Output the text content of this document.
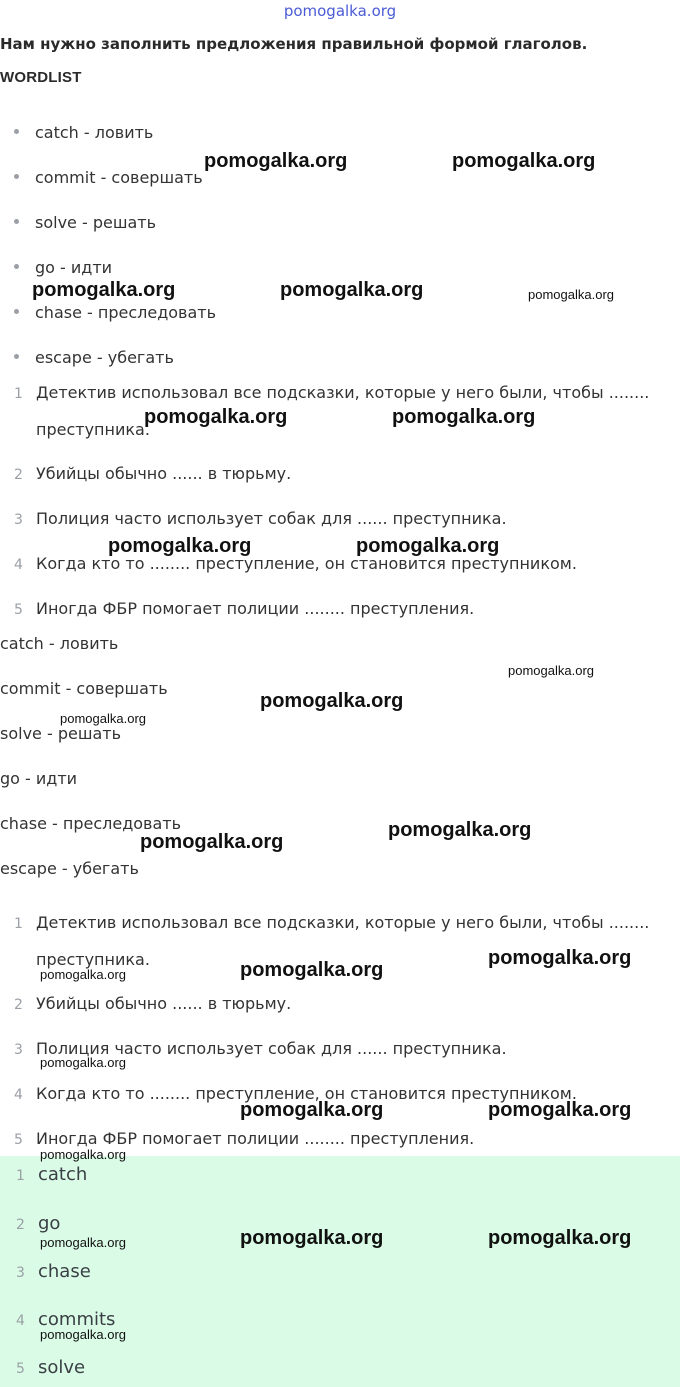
pomogalka.org
Нам нужно заполнить предложения правильной формой глаголов.
WORDLIST
catch - ловить
commit - совершать
solve - решать
go - идти
chase - преследовать
escape - убегать
1 Детектив использовал все подсказки, которые у него были, чтобы ........
преступника.
2 Убийцы обычно ...... в тюрьму.
3 Полиция часто использует собак для ...... преступника.
4 Когда кто то ........ преступление, он становится преступником.
5 Иногда ФБР помогает полиции ........ преступления.
catch - ловить
commit - совершать
solve - решать
go - идти
chase - преследовать
escape - убегать
1 Детектив использовал все подсказки, которые у него были, чтобы ........
преступника.
2 Убийцы обычно ...... в тюрьму.
3 Полиция часто использует собак для ...... преступника.
4 Когда кто то ........ преступление, он становится преступником.
5 Иногда ФБР помогает полиции ........ преступления.
1 catch
2 go
3 chase
4 commits
5 solve
pomogalka.org	pomogalka.org
pomogalka.org	pomogalka.org	pomogalka.org
pomogalka.org	pomogalka.org
pomogalka.org	pomogalka.org
pomogalka.org
pomogalka.org
pomogalka.org
pomogalka.org
pomogalka.org
pomogalka.org
pomogalka.org
pomogalka.org
pomogalka.org
pomogalka.org	pomogalka.org
pomogalka.org
pomogalka.org	pomogalka.org
pomogalka.org
pomogalka.org
